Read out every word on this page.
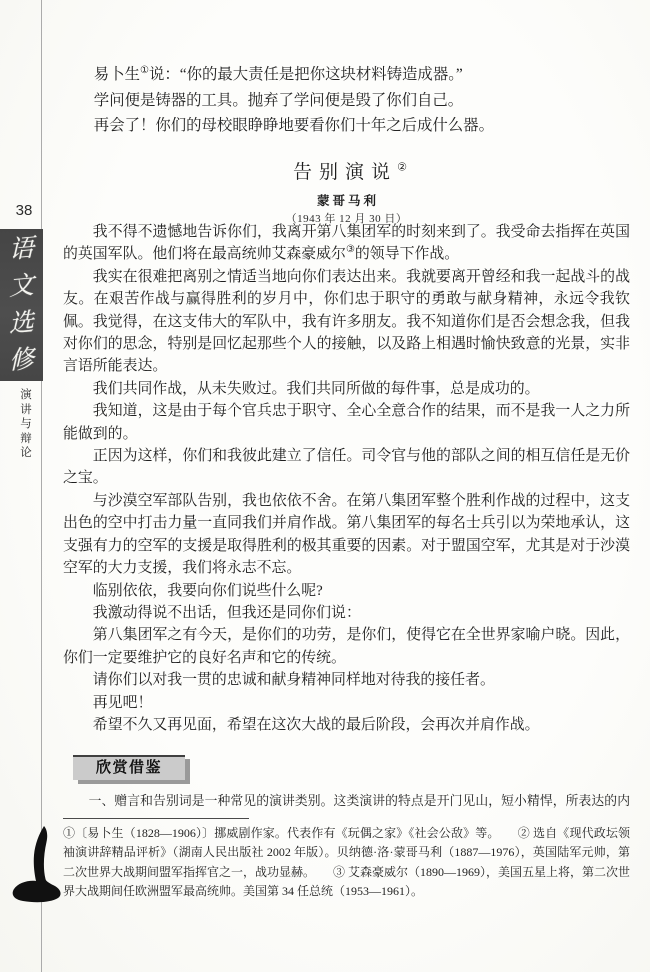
38
语
文
选
修
演
讲
与
辩
论

易卜生①说：“你的最大责任是把你这块材料铸造成器。”

学问便是铸器的工具。抛弃了学问便是毁了你们自己。

再会了！你们的母校眼睁睁地要看你们十年之后成什么器。

告别演说②
蒙哥马利
（1943 年 12 月 30 日）

我不得不遗憾地告诉你们，我离开第八集团军的时刻来到了。我受命去指挥在英国的英国军队。他们将在最高统帅艾森豪威尔③的领导下作战。

我实在很难把离别之情适当地向你们表达出来。我就要离开曾经和我一起战斗的战友。在艰苦作战与赢得胜利的岁月中，你们忠于职守的勇敢与献身精神，永远令我钦佩。我觉得，在这支伟大的军队中，我有许多朋友。我不知道你们是否会想念我，但我对你们的思念，特别是回忆起那些个人的接触，以及路上相遇时愉快致意的光景，实非言语所能表达。

我们共同作战，从未失败过。我们共同所做的每件事，总是成功的。

我知道，这是由于每个官兵忠于职守、全心全意合作的结果，而不是我一人之力所能做到的。

正因为这样，你们和我彼此建立了信任。司令官与他的部队之间的相互信任是无价之宝。

与沙漠空军部队告别，我也依依不舍。在第八集团军整个胜利作战的过程中，这支出色的空中打击力量一直同我们并肩作战。第八集团军的每名士兵引以为荣地承认，这支强有力的空军的支援是取得胜利的极其重要的因素。对于盟国空军，尤其是对于沙漠空军的大力支援，我们将永志不忘。

临别依依，我要向你们说些什么呢?

我激动得说不出话，但我还是同你们说：

第八集团军之有今天，是你们的功劳，是你们，使得它在全世界家喻户晓。因此，你们一定要维护它的良好名声和它的传统。

请你们以对我一贯的忠诚和献身精神同样地对待我的接任者。

再见吧！

希望不久又再见面，希望在这次大战的最后阶段，会再次并肩作战。

欣赏借鉴

一、赠言和告别词是一种常见的演讲类别。这类演讲的特点是开门见山，短小精悍，所表达的内

①〔易卜生（1828—1906）〕挪威剧作家。代表作有《玩偶之家》《社会公敌》等。　　② 选自《现代政坛领袖演讲辞精品评析》（湖南人民出版社 2002 年版）。贝纳德·洛·蒙哥马利（1887—1976），英国陆军元帅，第二次世界大战期间盟军指挥官之一，战功显赫。　　③ 艾森豪威尔（1890—1969），美国五星上将，第二次世界大战期间任欧洲盟军最高统帅。美国第 34 任总统（1953—1961）。
